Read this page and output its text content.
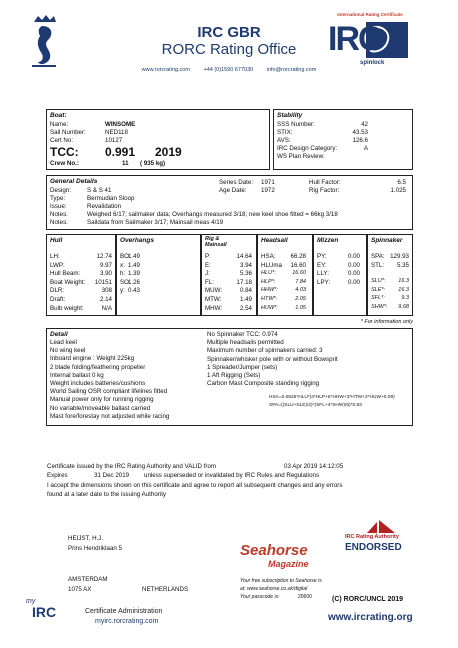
IRC GBR
RORC Rating Office
www.rorcrating.com +44 (0)1590 677030 info@rorcrating.com
International Rating Certificate
IRC
spinlock
Boat:
Name:	WINSOME
Sail Number:	NED118
Cert No:	10127
TCC: 0.991 2019
Crew No.:	11 ( 935 kg)
Stability
SSS Number:	42
STIX:	43.53
AVS:	126.6
IRC Design Category:	A
WS Plan Review:
General Details
Design:	S & S 41
Type:	Bermudian Sloop
Issue:	Revalidation
Notes:	Weighed 6/17; sailmaker data; Overhangs measured 3/18; new keel shoe fitted = 66kg 3/18
Notes:	Saildata from Sailmaker 3/17; Mainsail meas 4/19
Series Date: 1971
Age Date: 1972
Hull Factor:	6.5
Rig Factor:	1.025
Hull
LH:	12.74
LWP:	9.97
Hull Beam:	3.90
Boat Weight: 10151
DLR:	308
Draft:	2.14
Bulb weight:	N/A
Overhangs
BO:
1.49
x: 1.49
h: 1.39
SO:
1.26
y: 0.43
Rig &
Mainsail
P:	14.64
E:	3.94
J:	5.36
FL:	17.18
MUW:	0.84
MTW:	1.49
MHW:	2.54
Headsail
HSA: 66.28
HLUma 16.60
HLU*:	16.60
HLP*:	7.84
HHW*:	4.03
HTW*:	2.05
HUW*:	1.05
Mizzen
PY:	0.00
EY:	0.00
LLY:	0.00
LPY:	0.00
Spinnaker
SPA: 129.93
STL: 5.35
SLU*: 16.3
SLE*: 16.3
SFL*:	9.3
SHW*: 9.68
* For information only
Detail
Lead keel
No wing keel
Inboard engine : Weight 225kg
2 blade folding/feathering propeller
Internal ballast 0 kg
Weight includes batteries/cushions
World Sailing OSR compliant lifelines fitted
Manual power only for running rigging
No variable/moveable ballast carried
Mast fore/forestay not adjusted while racing
No Spinnaker TCC: 0.974
Multiple headsails permitted
Maximum number of spinnakers carried: 3
Spinnaker/whisker pole with or without Bowsprit
1 Spreader/Jumper (sets)
1 Aft Rigging (Sets)
Carbon Mast Composite standing rigging
HSA=0.0625*HLU*(4*HLP+6*HHW+3*HTW+2*HUW+0.09)
SPA=((SLU+SLE)/2)*(SFL+4*SHW)/6)*0.83
Certificate issued by the IRC Rating Authority and VALID from	03 Apr 2019 14:12:05
Expires	31 Dec 2019 unless superseded or invalidated by IRC Rules and Regulations
I accept the dimensions shown on this certificate and agree to report all subsequent changes and any errors
found at a later date to the issuing Authority
HEIJST, H.J.
Prins Hendriklaan 5
AMSTERDAM
1075 AX	NETHERLANDS
Seahorse
Magazine
Your free subscription to Seahorse is
at: www.seahorse.co.uk/digital
Your passcode is:	20600
IRC Rating Authority
ENDORSED
my
IRC	Certificate Administration
myirc.rorcrating.com
(C) RORC/UNCL 2019
www.ircrating.org
